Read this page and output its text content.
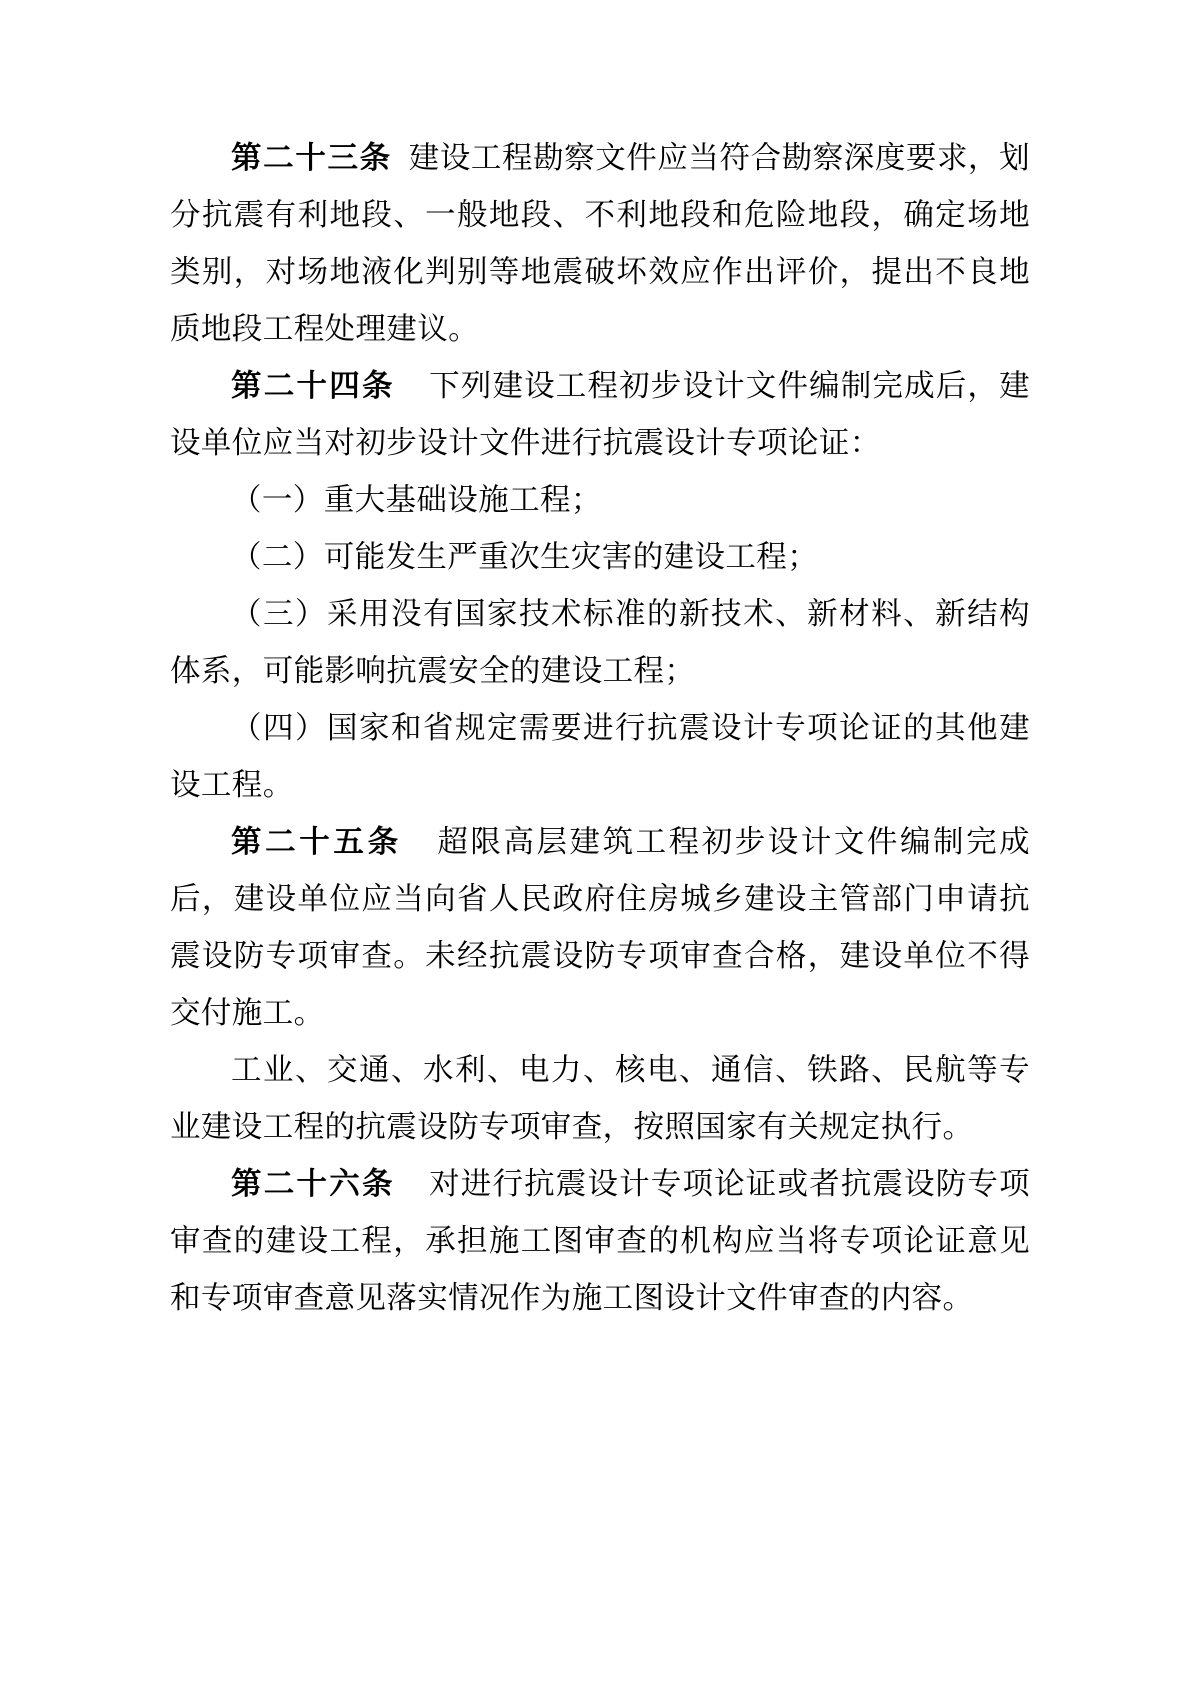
第二十三条 建设工程勘察文件应当符合勘察深度要求，划分抗震有利地段、一般地段、不利地段和危险地段，确定场地类别，对场地液化判别等地震破坏效应作出评价，提出不良地质地段工程处理建议。

第二十四条 下列建设工程初步设计文件编制完成后，建设单位应当对初步设计文件进行抗震设计专项论证：

（一）重大基础设施工程；

（二）可能发生严重次生灾害的建设工程；

（三）采用没有国家技术标准的新技术、新材料、新结构体系，可能影响抗震安全的建设工程；

（四）国家和省规定需要进行抗震设计专项论证的其他建设工程。

第二十五条 超限高层建筑工程初步设计文件编制完成后，建设单位应当向省人民政府住房城乡建设主管部门申请抗震设防专项审查。未经抗震设防专项审查合格，建设单位不得交付施工。

工业、交通、水利、电力、核电、通信、铁路、民航等专业建设工程的抗震设防专项审查，按照国家有关规定执行。

第二十六条 对进行抗震设计专项论证或者抗震设防专项审查的建设工程，承担施工图审查的机构应当将专项论证意见和专项审查意见落实情况作为施工图设计文件审查的内容。
